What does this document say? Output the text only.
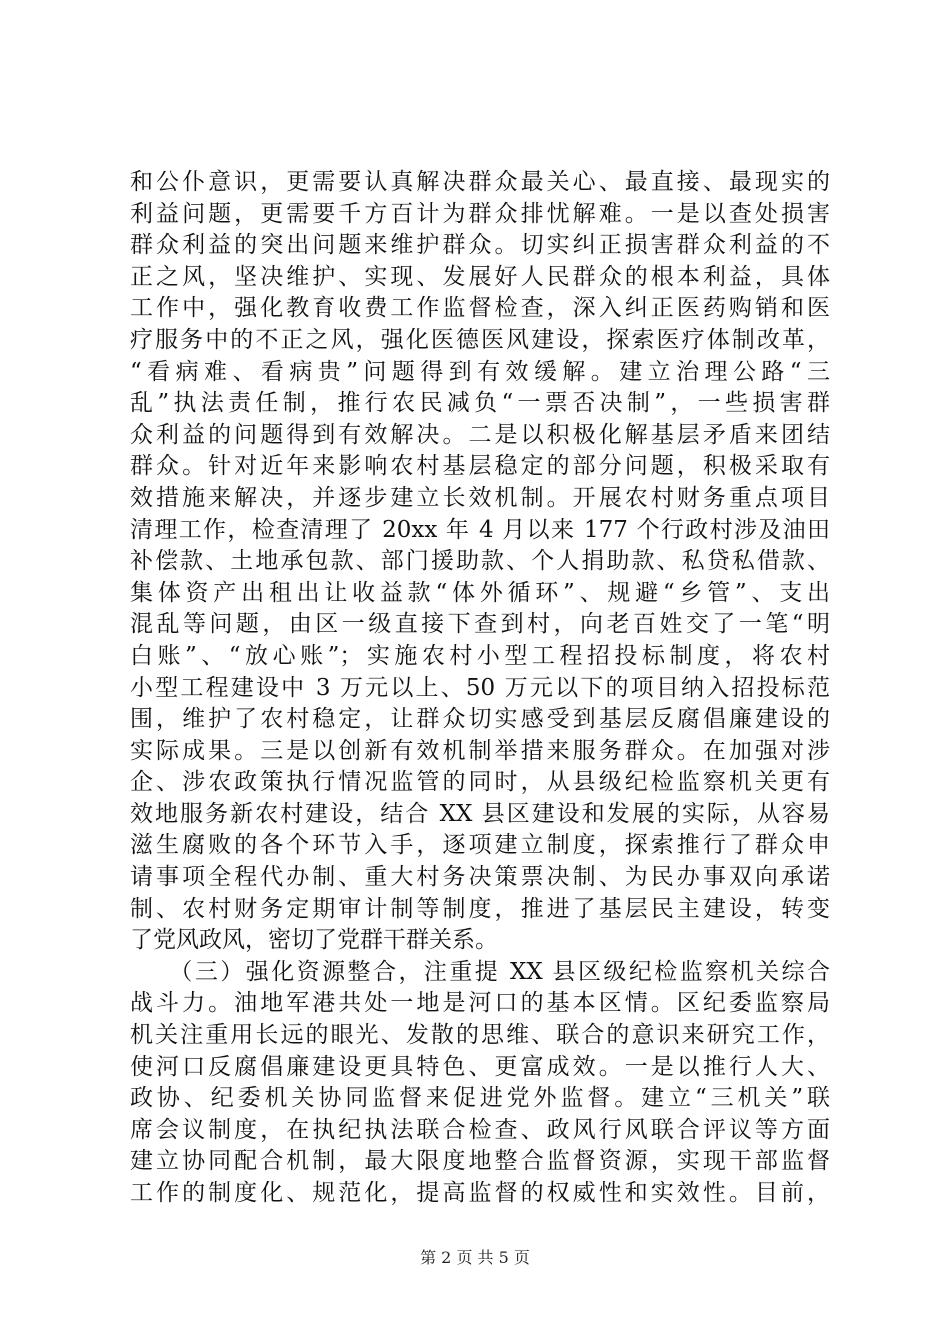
和公仆意识，更需要认真解决群众最关心、最直接、最现实的
利益问题，更需要千方百计为群众排忧解难。一是以查处损害
群众利益的突出问题来维护群众。切实纠正损害群众利益的不
正之风，坚决维护、实现、发展好人民群众的根本利益，具体
工作中，强化教育收费工作监督检查，深入纠正医药购销和医
疗服务中的不正之风，强化医德医风建设，探索医疗体制改革，
“看病难、看病贵”问题得到有效缓解。建立治理公路“三
乱”执法责任制，推行农民减负“一票否决制”，一些损害群
众利益的问题得到有效解决。二是以积极化解基层矛盾来团结
群众。针对近年来影响农村基层稳定的部分问题，积极采取有
效措施来解决，并逐步建立长效机制。开展农村财务重点项目
清理工作，检查清理了 20xx 年 4 月以来 177 个行政村涉及油田
补偿款、土地承包款、部门援助款、个人捐助款、私贷私借款、
集体资产出租出让收益款“体外循环”、规避“乡管”、支出
混乱等问题，由区一级直接下查到村，向老百姓交了一笔“明
白账”、“放心账”；实施农村小型工程招投标制度，将农村
小型工程建设中 3 万元以上、50 万元以下的项目纳入招投标范
围，维护了农村稳定，让群众切实感受到基层反腐倡廉建设的
实际成果。三是以创新有效机制举措来服务群众。在加强对涉
企、涉农政策执行情况监管的同时，从县级纪检监察机关更有
效地服务新农村建设，结合 XX 县区建设和发展的实际，从容易
滋生腐败的各个环节入手，逐项建立制度，探索推行了群众申
请事项全程代办制、重大村务决策票决制、为民办事双向承诺
制、农村财务定期审计制等制度，推进了基层民主建设，转变
了党风政风，密切了党群干群关系。
　　（三）强化资源整合，注重提 XX 县区级纪检监察机关综合
战斗力。油地军港共处一地是河口的基本区情。区纪委监察局
机关注重用长远的眼光、发散的思维、联合的意识来研究工作，
使河口反腐倡廉建设更具特色、更富成效。一是以推行人大、
政协、纪委机关协同监督来促进党外监督。建立“三机关”联
席会议制度，在执纪执法联合检查、政风行风联合评议等方面
建立协同配合机制，最大限度地整合监督资源，实现干部监督
工作的制度化、规范化，提高监督的权威性和实效性。目前，
第 2 页 共 5 页
